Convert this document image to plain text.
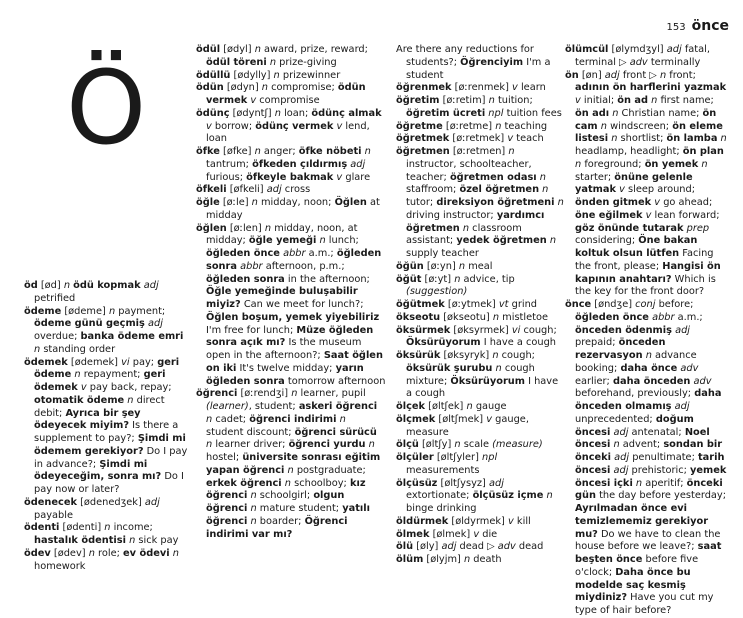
153 önce
Ö

öd [ød] n ödü kopmak adj petrified

ödeme [ødeme] n payment; ödeme günü geçmiş adj overdue; banka ödeme emri n standing order

ödemek [ødemek] vi pay; geri ödeme n repayment; geri ödemek v pay back, repay; otomatik ödeme n direct debit; Ayrıca bir şey ödeyecek miyim? Is there a supplement to pay?; Şimdi mi ödemem gerekiyor? Do I pay in advance?; Şimdi mi ödeyeceğim, sonra mı? Do I pay now or later?

ödenecek [ødenedʒek] adj payable

ödenti [ødenti] n income; hastalık ödentisi n sick pay

ödev [ødev] n role; ev ödevi n homework

ödül [ødyl] n award, prize, reward; ödül töreni n prize-giving

ödüllü [ødylly] n prizewinner

ödün [ødyn] n compromise; ödün vermek v compromise

ödünç [ødyntʃ] n loan; ödünç almak v borrow; ödünç vermek v lend, loan

öfke [øfke] n anger; öfke nöbeti n tantrum; öfkeden çıldırmış adj furious; öfkeyle bakmak v glare

öfkeli [øfkeli] adj cross

öğle [øːle] n midday, noon; Öğlen at midday

öğlen [øːlen] n midday, noon, at midday; öğle yemeği n lunch; öğleden önce abbr a.m.; öğleden sonra abbr afternoon, p.m.; öğleden sonra in the afternoon; Öğle yemeğinde buluşabilir miyiz? Can we meet for lunch?; Öğlen boşum, yemek yiyebiliriz I'm free for lunch; Müze öğleden sonra açık mı? Is the museum open in the afternoon?; Saat öğlen on iki It's twelve midday; yarın öğleden sonra tomorrow afternoon

öğrenci [øːrendʒi] n learner, pupil (learner), student; askeri öğrenci n cadet; öğrenci indirimi n student discount; öğrenci sürücü n learner driver; öğrenci yurdu n hostel; üniversite sonrası eğitim yapan öğrenci n postgraduate; erkek öğrenci n schoolboy; kız öğrenci n schoolgirl; olgun öğrenci n mature student; yatılı öğrenci n boarder; Öğrenci indirimi var mı?

Are there any reductions for students?; Öğrenciyim I'm a student

öğrenmek [øːrenmek] v learn

öğretim [øːretim] n tuition; öğretim ücreti npl tuition fees

öğretme [øːretme] n teaching

öğretmek [øːretmek] v teach

öğretmen [øːretmen] n instructor, schoolteacher, teacher; öğretmen odası n staffroom; özel öğretmen n tutor; direksiyon öğretmeni n driving instructor; yardımcı öğretmen n classroom assistant; yedek öğretmen n supply teacher

öğün [øːyn] n meal

öğüt [øːyt] n advice, tip (suggestion)

öğütmek [øːytmek] vt grind

ökseotu [økseotu] n mistletoe

öksürmek [øksyrmek] vi cough; Öksürüyorum I have a cough

öksürük [øksyryk] n cough; öksürük şurubu n cough mixture; Öksürüyorum I have a cough

ölçek [øltʃek] n gauge

ölçmek [øltʃmek] v gauge, measure

ölçü [øltʃy] n scale (measure)

ölçüler [øltʃyler] npl measurements

ölçüsüz [øltʃysyz] adj extortionate; ölçüsüz içme n binge drinking

öldürmek [øldyrmek] v kill

ölmek [ølmek] v die

ölü [øly] adj dead ▷ adv dead

ölüm [ølyjm] n death

ölümcül [ølymdʒyl] adj fatal, terminal ▷ adv terminally

ön [øn] adj front ▷ n front; adının ön harflerini yazmak v initial; ön ad n first name; ön adı n Christian name; ön cam n windscreen; ön eleme listesi n shortlist; ön lamba n headlamp, headlight; ön plan n foreground; ön yemek n starter; önüne gelenle yatmak v sleep around; önden gitmek v go ahead; öne eğilmek v lean forward; göz önünde tutarak prep considering; Öne bakan koltuk olsun lütfen Facing the front, please; Hangisi ön kapının anahtarı? Which is the key for the front door?

önce [øndʒe] conj before; öğleden önce abbr a.m.; önceden ödenmiş adj prepaid; önceden rezervasyon n advance booking; daha önce adv earlier; daha önceden adv beforehand, previously; daha önceden olmamış adj unprecedented; doğum öncesi adj antenatal; Noel öncesi n advent; sondan bir önceki adj penultimate; tarih öncesi adj prehistoric; yemek öncesi içki n aperitif; önceki gün the day before yesterday; Ayrılmadan önce evi temizlememiz gerekiyor mu? Do we have to clean the house before we leave?; saat beşten önce before five o'clock; Daha önce bu modelde saç kesmiş miydiniz? Have you cut my type of hair before?
